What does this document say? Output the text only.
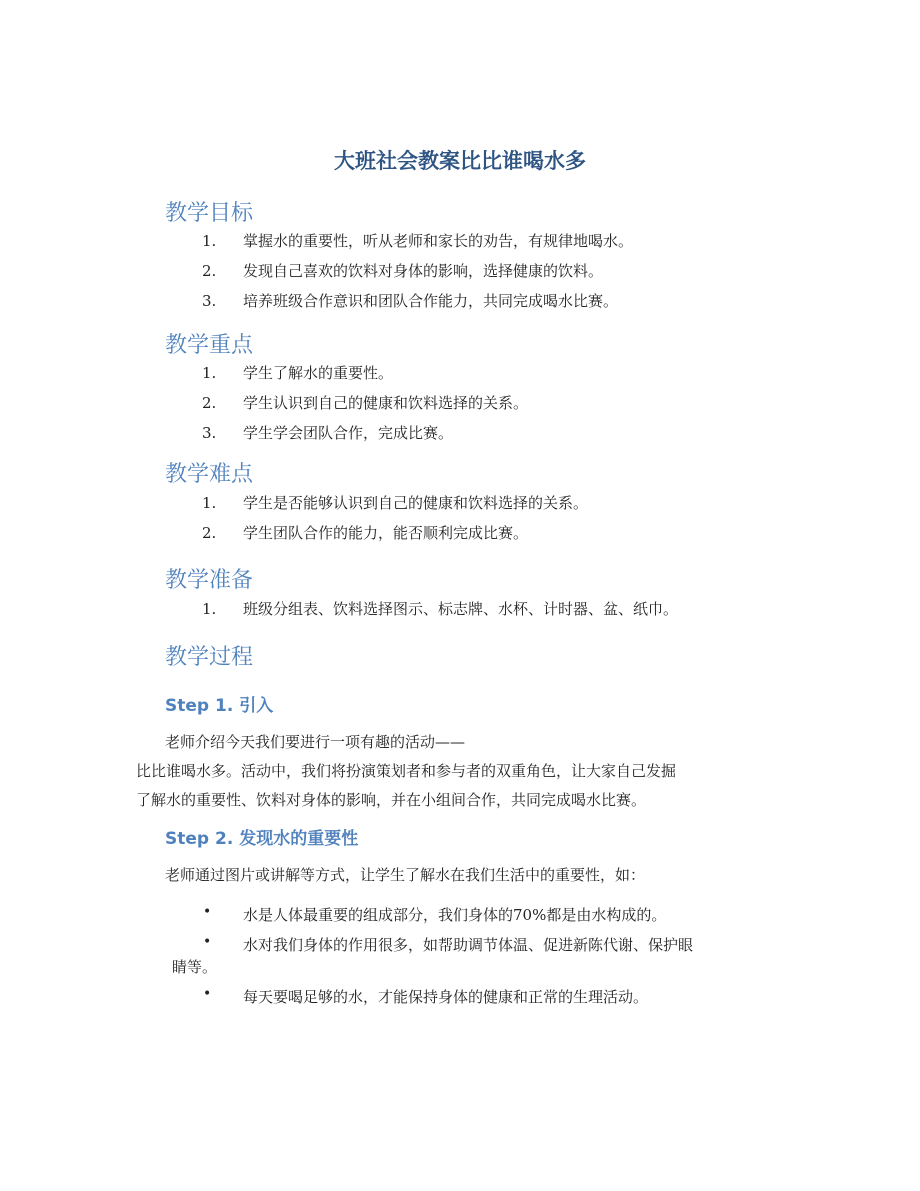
大班社会教案比比谁喝水多
教学目标
1.	掌握水的重要性，听从老师和家长的劝告，有规律地喝水。
2.	发现自己喜欢的饮料对身体的影响，选择健康的饮料。
3.	培养班级合作意识和团队合作能力，共同完成喝水比赛。
教学重点
1.	学生了解水的重要性。
2.	学生认识到自己的健康和饮料选择的关系。
3.	学生学会团队合作，完成比赛。
教学难点
1.	学生是否能够认识到自己的健康和饮料选择的关系。
2.	学生团队合作的能力，能否顺利完成比赛。
教学准备
1.	班级分组表、饮料选择图示、标志牌、水杯、计时器、盆、纸巾。
教学过程
Step 1. 引入

老师介绍今天我们要进行一项有趣的活动——

比比谁喝水多。活动中，我们将扮演策划者和参与者的双重角色，让大家自己发掘

了解水的重要性、饮料对身体的影响，并在小组间合作，共同完成喝水比赛。

Step 2. 发现水的重要性

老师通过图片或讲解等方式，让学生了解水在我们生活中的重要性，如：

• 水是人体最重要的组成部分，我们身体的70%都是由水构成的。
• 水对我们身体的作用很多，如帮助调节体温、促进新陈代谢、保护眼

睛等。

• 每天要喝足够的水，才能保持身体的健康和正常的生理活动。
